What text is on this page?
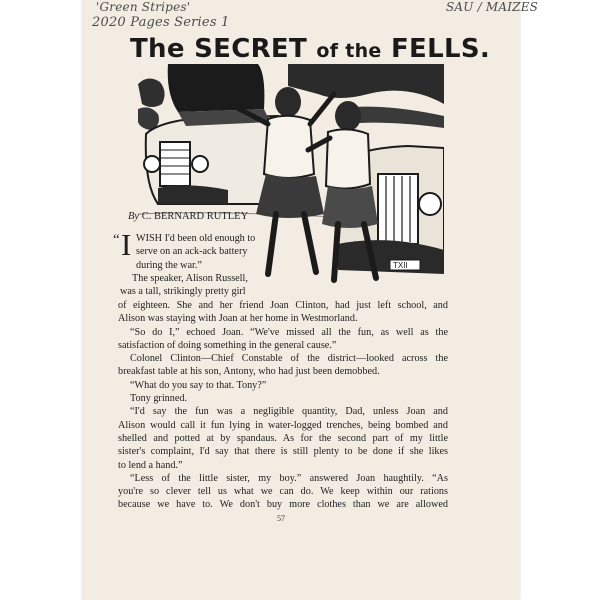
'Green Stripes'
2020 Pages Series 1
SAU / MAIZES
The SECRET of the FELLS.
TXII
By C. BERNARD RUTLEY
“ I WISH I'd been old enough to
serve on an ack-ack battery
during the war.”
The speaker, Alison Russell,
was a tall, strikingly pretty girl
of eighteen. She and her friend Joan Clinton, had just left school, and
Alison was staying with Joan at her home in Westmorland.
“So do I,” echoed Joan. “We've missed all the fun, as well as the
satisfaction of doing something in the general cause.”
Colonel Clinton—Chief Constable of the district—looked across the
breakfast table at his son, Antony, who had just been demobbed.
“What do you say to that. Tony?”
Tony grinned.
“I'd say the fun was a negligible quantity, Dad, unless Joan and
Alison would call it fun lying in water-logged trenches, being bombed and
shelled and potted at by spandaus. As for the second part of my little
sister's complaint, I'd say that there is still plenty to be done if she likes
to lend a hand.”
“Less of the little sister, my boy.” answered Joan haughtily. “As
you're so clever tell us what we can do. We keep within our rations
because we have to. We don't buy more clothes than we are allowed
57
